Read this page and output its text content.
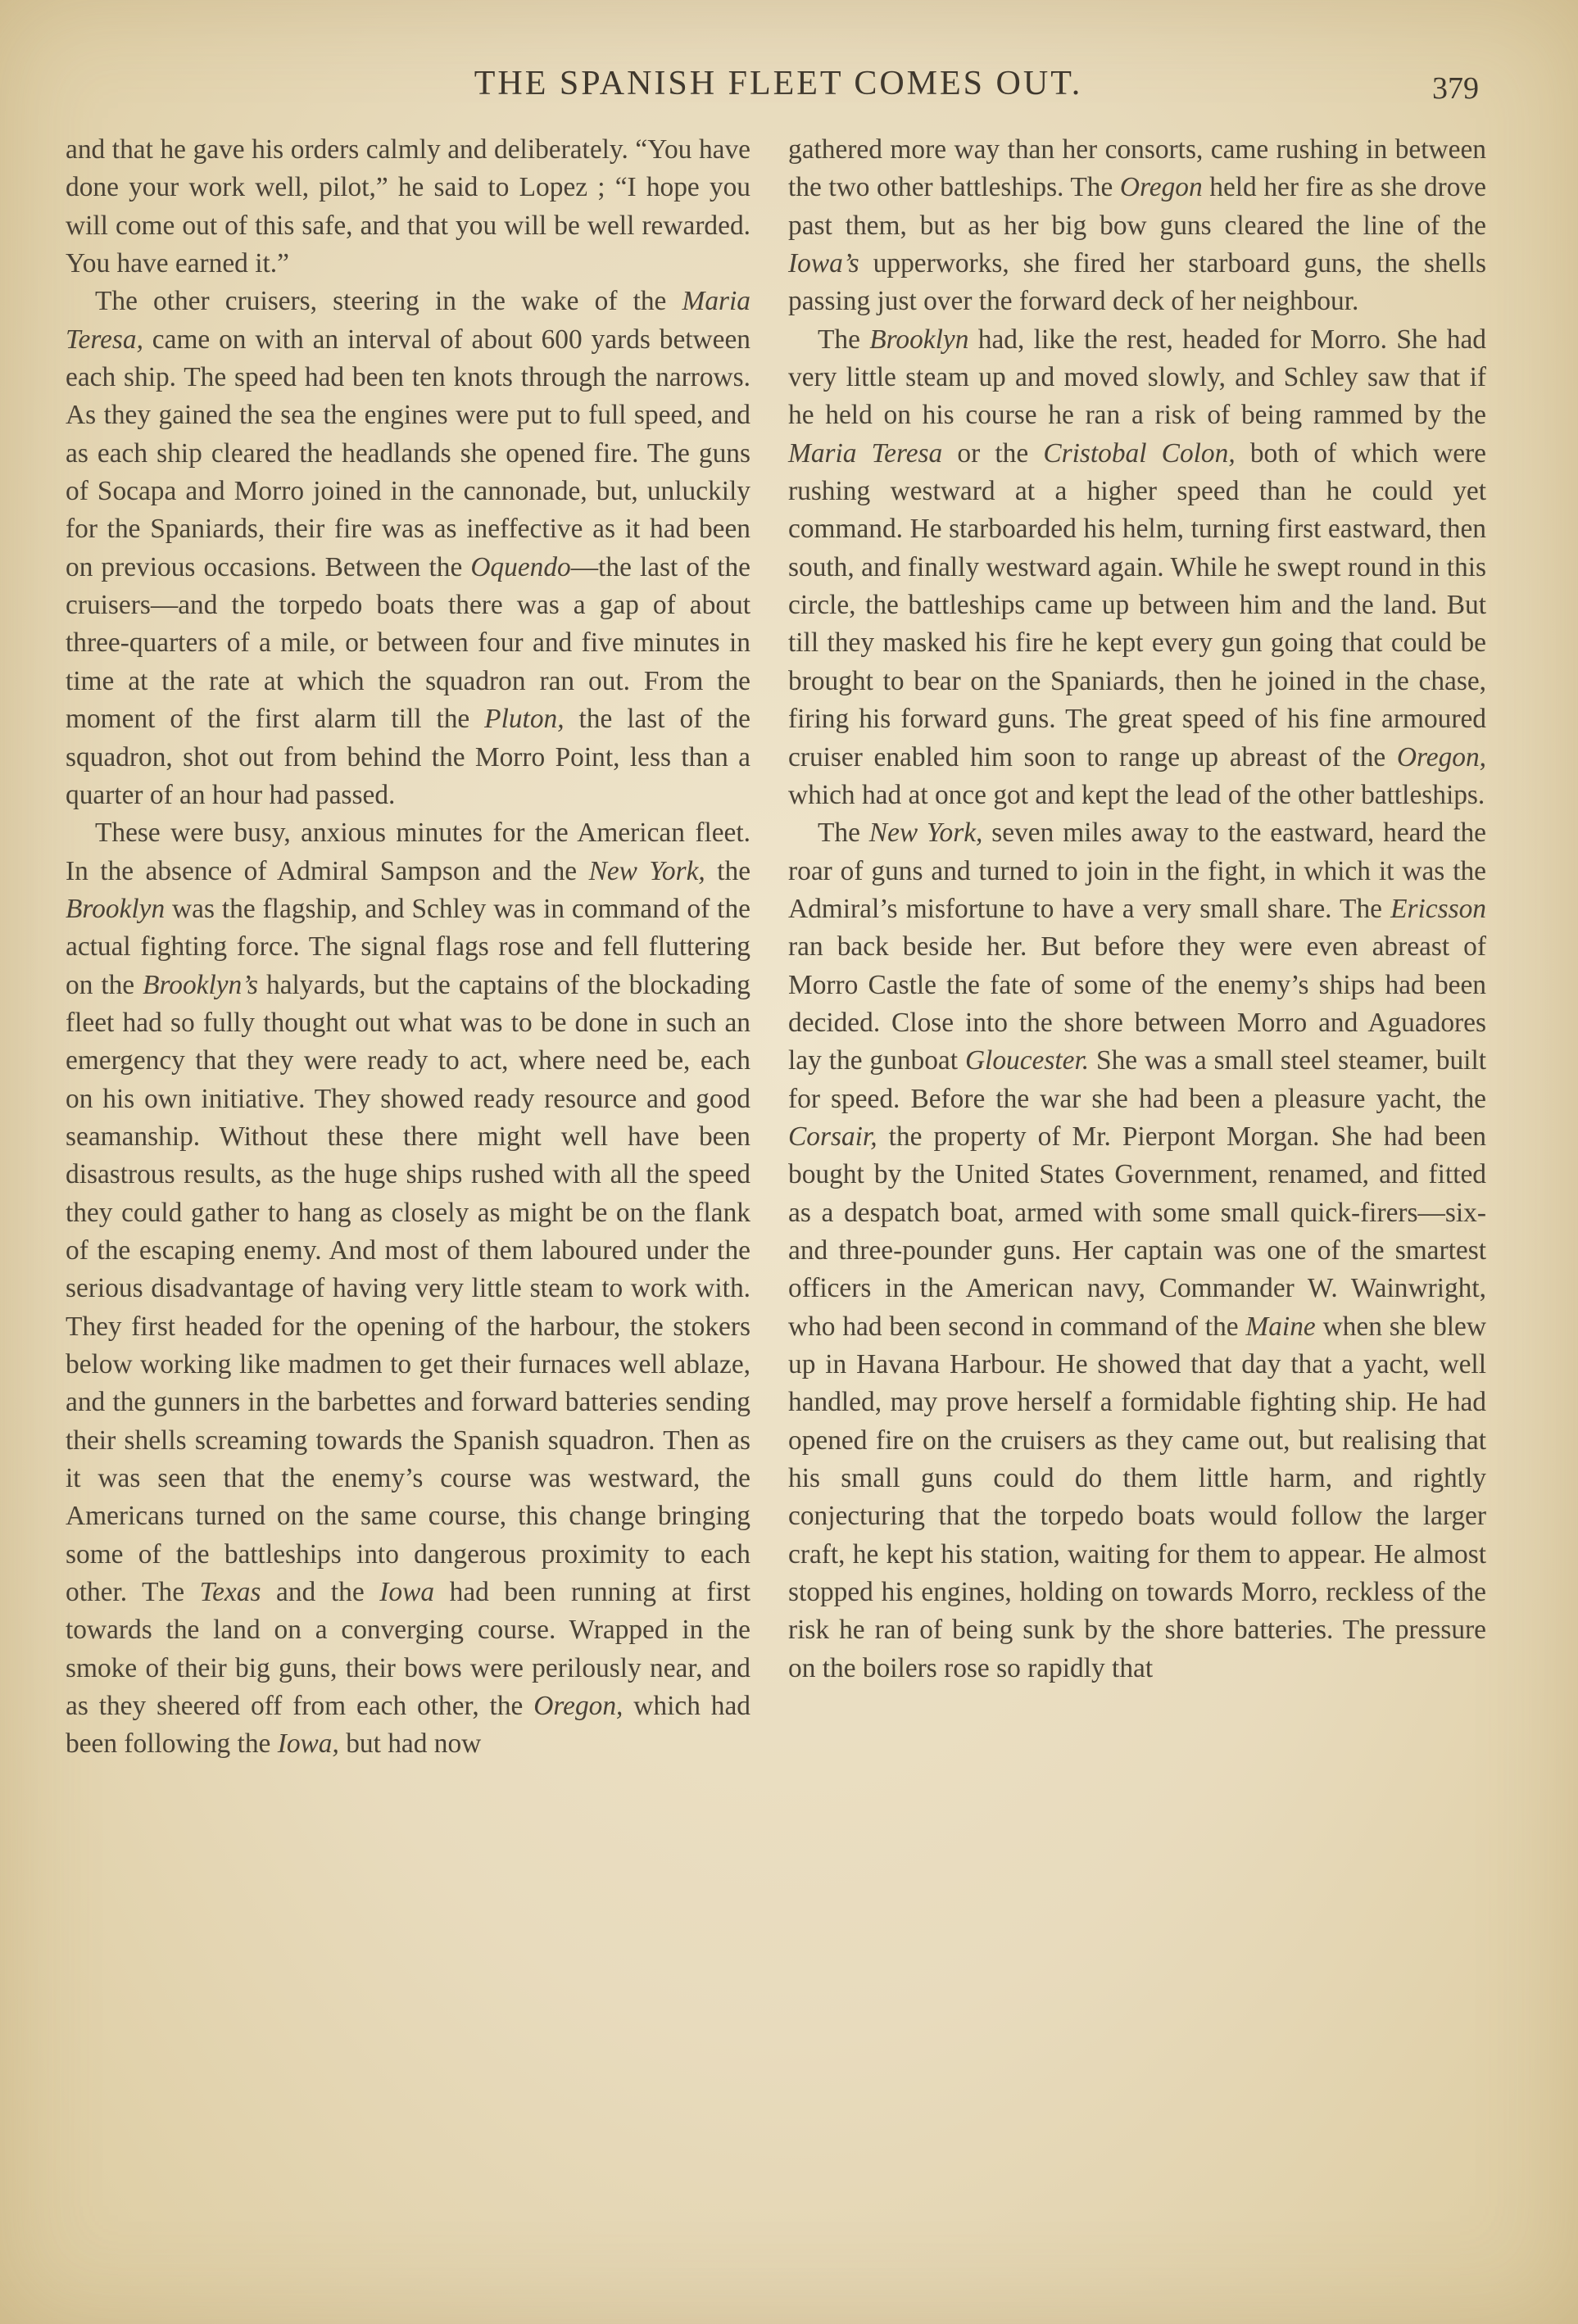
THE SPANISH FLEET COMES OUT.	379

and that he gave his orders calmly and deliberately. “You have done your work well, pilot,” he said to Lopez ; “I hope you will come out of this safe, and that you will be well rewarded. You have earned it.”

The other cruisers, steering in the wake of the Maria Teresa, came on with an interval of about 600 yards between each ship. The speed had been ten knots through the narrows. As they gained the sea the engines were put to full speed, and as each ship cleared the headlands she opened fire. The guns of Socapa and Morro joined in the cannonade, but, unluckily for the Spaniards, their fire was as ineffective as it had been on previous occasions. Between the Oquendo—the last of the cruisers—and the torpedo boats there was a gap of about three-quarters of a mile, or between four and five minutes in time at the rate at which the squadron ran out. From the moment of the first alarm till the Pluton, the last of the squadron, shot out from behind the Morro Point, less than a quarter of an hour had passed.

These were busy, anxious minutes for the American fleet. In the absence of Admiral Sampson and the New York, the Brooklyn was the flagship, and Schley was in command of the actual fighting force. The signal flags rose and fell fluttering on the Brooklyn’s halyards, but the captains of the blockading fleet had so fully thought out what was to be done in such an emergency that they were ready to act, where need be, each on his own initiative. They showed ready resource and good seamanship. Without these there might well have been disastrous results, as the huge ships rushed with all the speed they could gather to hang as closely as might be on the flank of the escaping enemy. And most of them laboured under the serious disadvantage of having very little steam to work with. They first headed for the opening of the harbour, the stokers below working like madmen to get their furnaces well ablaze, and the gunners in the barbettes and forward batteries sending their shells screaming towards the Spanish squadron. Then as it was seen that the enemy’s course was westward, the Americans turned on the same course, this change bringing some of the battleships into dangerous proximity to each other. The Texas and the Iowa had been running at first towards the land on a converging course. Wrapped in the smoke of their big guns, their bows were perilously near, and as they sheered off from each other, the Oregon, which had been following the Iowa, but had now

gathered more way than her consorts, came rushing in between the two other battleships. The Oregon held her fire as she drove past them, but as her big bow guns cleared the line of the Iowa’s upperworks, she fired her starboard guns, the shells passing just over the forward deck of her neighbour.

The Brooklyn had, like the rest, headed for Morro. She had very little steam up and moved slowly, and Schley saw that if he held on his course he ran a risk of being rammed by the Maria Teresa or the Cristobal Colon, both of which were rushing westward at a higher speed than he could yet command. He starboarded his helm, turning first eastward, then south, and finally westward again. While he swept round in this circle, the battleships came up between him and the land. But till they masked his fire he kept every gun going that could be brought to bear on the Spaniards, then he joined in the chase, firing his forward guns. The great speed of his fine armoured cruiser enabled him soon to range up abreast of the Oregon, which had at once got and kept the lead of the other battleships.

The New York, seven miles away to the eastward, heard the roar of guns and turned to join in the fight, in which it was the Admiral’s misfortune to have a very small share. The Ericsson ran back beside her. But before they were even abreast of Morro Castle the fate of some of the enemy’s ships had been decided. Close into the shore between Morro and Aguadores lay the gunboat Gloucester. She was a small steel steamer, built for speed. Before the war she had been a pleasure yacht, the Corsair, the property of Mr. Pierpont Morgan. She had been bought by the United States Government, renamed, and fitted as a despatch boat, armed with some small quick-firers—six- and three-pounder guns. Her captain was one of the smartest officers in the American navy, Commander W. Wainwright, who had been second in command of the Maine when she blew up in Havana Harbour. He showed that day that a yacht, well handled, may prove herself a formidable fighting ship. He had opened fire on the cruisers as they came out, but realising that his small guns could do them little harm, and rightly conjecturing that the torpedo boats would follow the larger craft, he kept his station, waiting for them to appear. He almost stopped his engines, holding on towards Morro, reckless of the risk he ran of being sunk by the shore batteries. The pressure on the boilers rose so rapidly that
